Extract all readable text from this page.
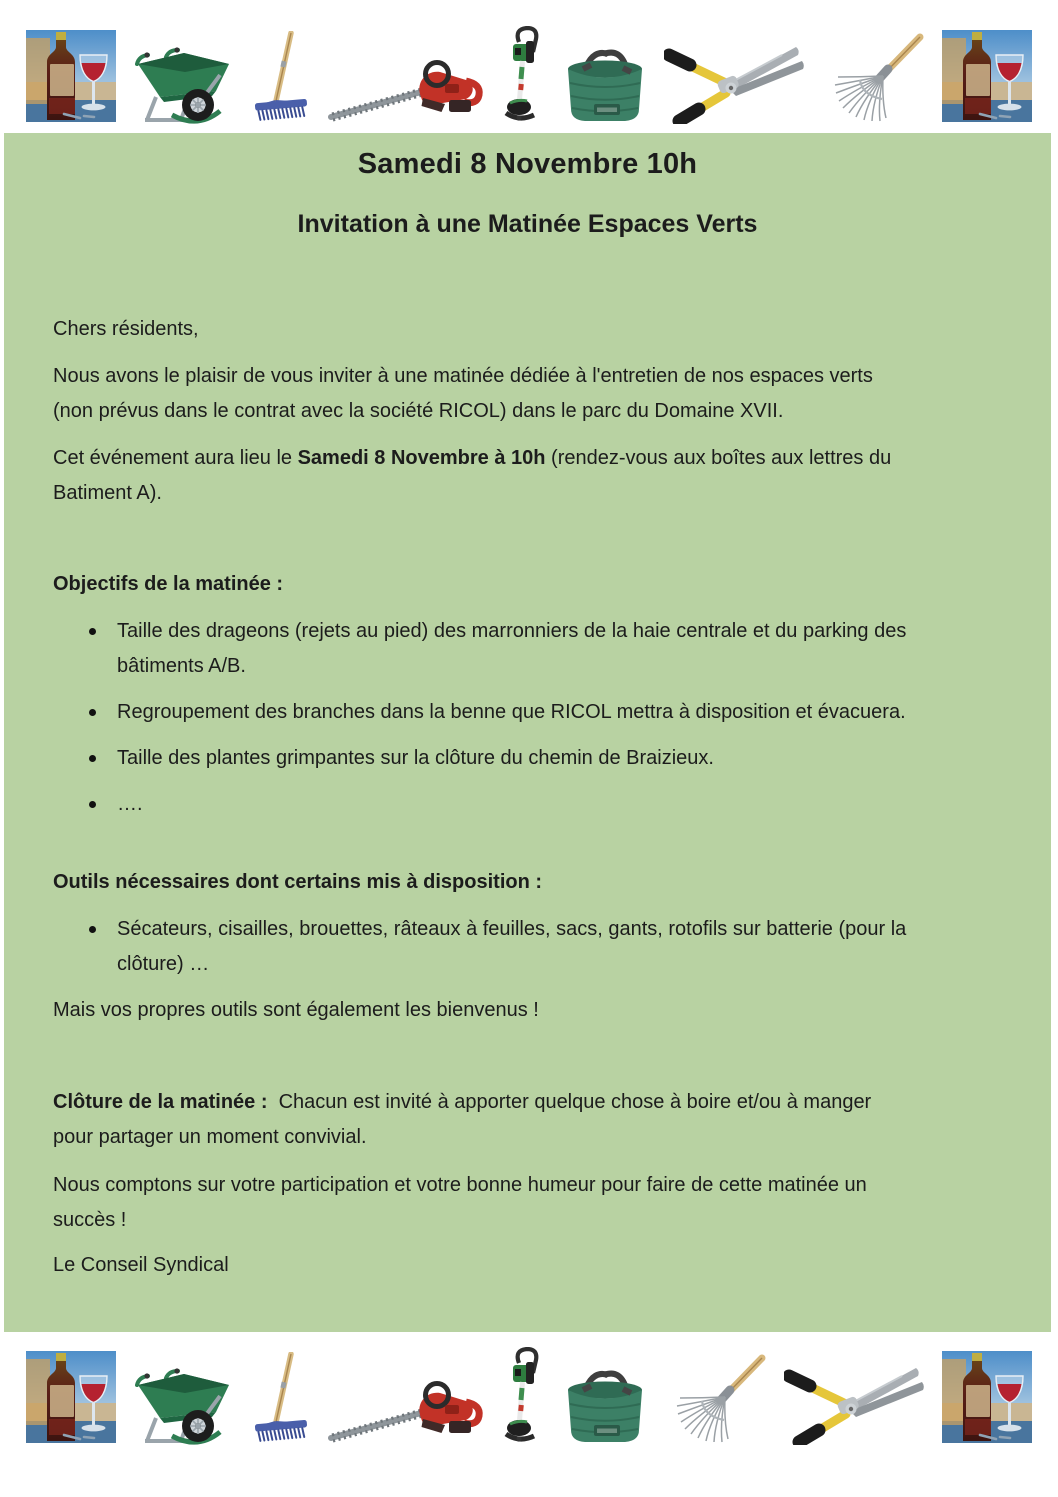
Samedi 8 Novembre 10h
Invitation à une Matinée Espaces Verts

Chers résidents,

Nous avons le plaisir de vous inviter à une matinée dédiée à l'entretien de nos espaces verts
(non prévus dans le contrat avec la société RICOL) dans le parc du Domaine XVII.

Cet événement aura lieu le Samedi 8 Novembre à 10h (rendez-vous aux boîtes aux lettres du
Batiment A).

Objectifs de la matinée :

Taille des drageons (rejets au pied) des marronniers de la haie centrale et du parking des
bâtiments A/B.
Regroupement des branches dans la benne que RICOL mettra à disposition et évacuera.
Taille des plantes grimpantes sur la clôture du chemin de Braizieux.
….

Outils nécessaires dont certains mis à disposition :

Sécateurs, cisailles, brouettes, râteaux à feuilles, sacs, gants, rotofils sur batterie (pour la
clôture) …

Mais vos propres outils sont également les bienvenus !

Clôture de la matinée :  Chacun est invité à apporter quelque chose à boire et/ou à manger
pour partager un moment convivial.

Nous comptons sur votre participation et votre bonne humeur pour faire de cette matinée un
succès !

Le Conseil Syndical
